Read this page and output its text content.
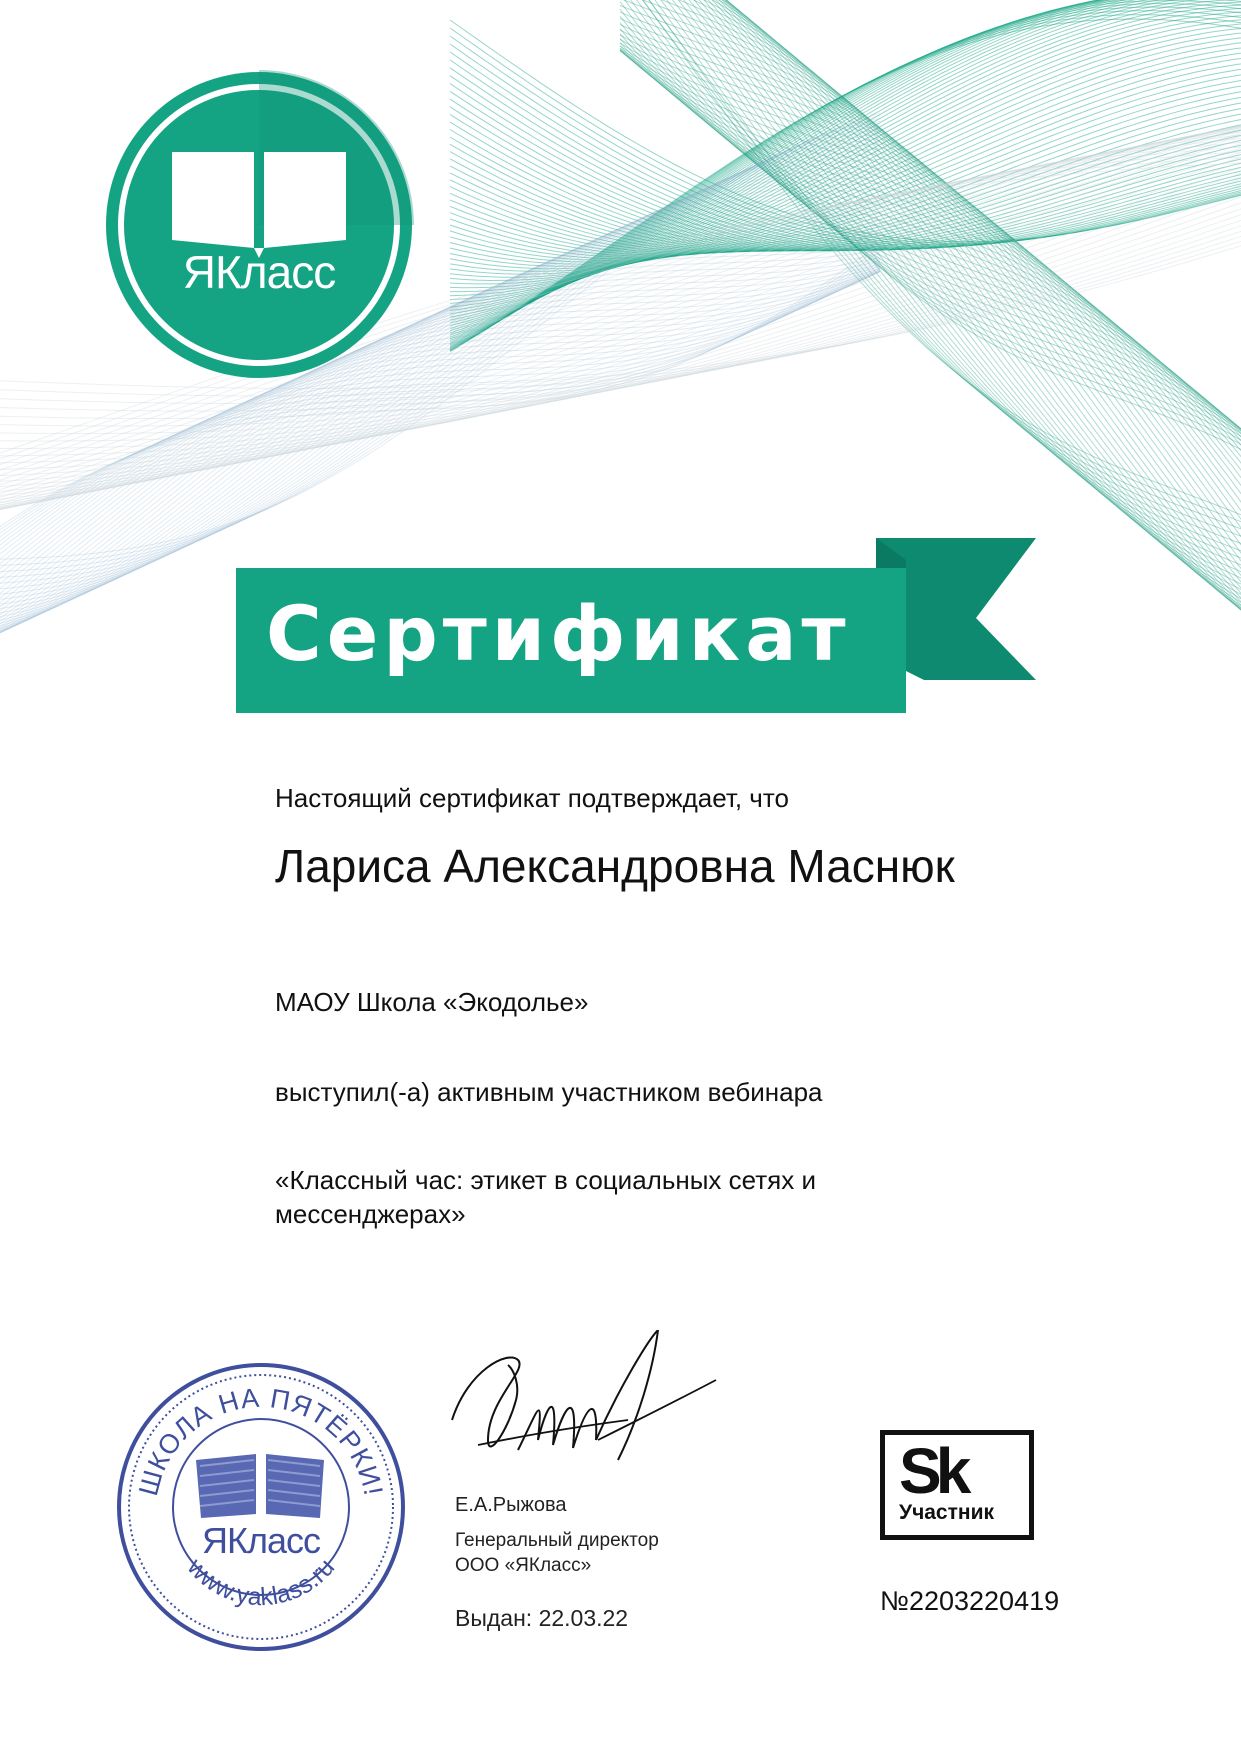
ЯКласс
Сертификат
Настоящий сертификат подтверждает, что
Лариса Александровна Маснюк
МАОУ Школа «Экодолье»
выступил(-а) активным участником вебинара
«Классный час: этикет в социальных сетях и
мессенджерах»
ШКОЛА НА ПЯТЁРКИ!
www.yaklass.ru
ЯКласс
Е.А.Рыжова
Генеральный директор
ООО «ЯКласс»
Выдан: 22.03.22
Sk
Участник
№2203220419
